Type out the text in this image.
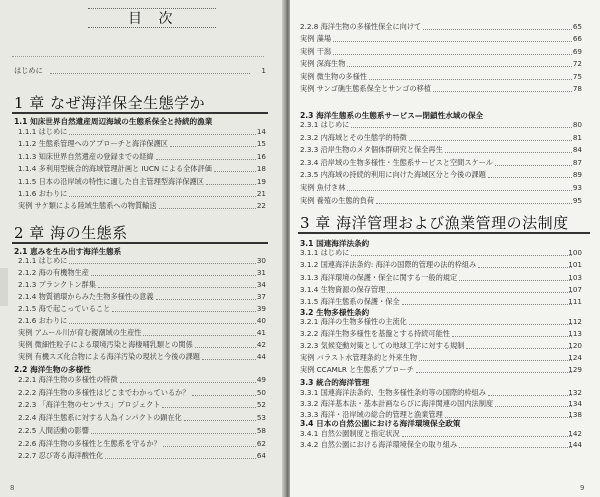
目 次
はじめに	1
1 章 なぜ海洋保全生態学か
1.1 知床世界自然遺産周辺海域の生態系保全と持続的漁業
2 章 海の生態系
2.1 恵みを生み出す海洋生態系
2.2 海洋生物の多様性
8
1.1.1 はじめに	14
1.1.2 生態系管理へのアプローチと海洋保護区	15
1.1.3 知床世界自然遺産の登録までの経緯	16
1.1.4 多利用型統合的海域管理計画と IUCN による全体評価	18
1.1.5 日本の沿岸域の特性に適した自主管理型海洋保護区	19
1.1.6 おわりに	21
実例 サケ類による陸域生態系への物質輸送	22
2.1.1 はじめに	30
2.1.2 海の有機物生産	31
2.1.3 プランクトン群集	34
2.1.4 物質循環からみた生物多様性の意義	37
2.1.5 海で起こっていること	39
2.1.6 おわりに	40
実例 アムール川が育む親潮域の生産性	41
実例 微細性粒子による環境汚染と海棲哺乳類との関係	42
実例 有機スズ化合物による海洋汚染の現状と今後の課題	44
2.2.1 海洋生物の多様性の特徴	49
2.2.2 海洋生物の多様性はどこまでわかっているか？	50
2.2.3 「海洋生物のセンサス」プロジェクト	52
2.2.4 海洋生態系に対する人為インパクトの顕在化	53
2.2.5 人間活動の影響	58
2.2.6 海洋生物の多様性と生態系を守るか？	62
2.2.7 忍び寄る海洋酸性化	64
2.3 海洋生態系の生態系サービス—閉鎖性水域の保全
3 章 海洋管理および漁業管理の法制度
3.1 国連海洋法条約
3.2 生物多様性条約
3.3 統合的海洋管理
3.4 日本の自然公園における海洋環境保全政策
9
2.2.8 海洋生物の多様性保全に向けて	65
実例 藻場	66
実例 干潟	69
実例 深海生物	72
実例 微生物の多様性	75
実例 サンゴ礁生態系保全とサンゴの移植	78
2.3.1 はじめに	80
2.3.2 内海域とその生態学的特徴	81
2.3.3 沿岸生物のメタ個体群研究と保全再生	84
2.3.4 沿岸域の生物多様性・生態系サービスと空間スケール	87
2.3.5 内海域の持続的利用に向けた海域区分と今後の課題	89
実例 魚付き林	93
実例 養殖の生態的負荷	95
3.1.1 はじめに	100
3.1.2 国連海洋法条約: 海洋の国際的管理の法的枠組み	101
3.1.3 海洋環境の保護・保全に関する一般的規定	103
3.1.4 生物資源の保存管理	107
3.1.5 海洋生態系の保護・保全	111
3.2.1 海洋の生物多様性の主流化	112
3.2.2 海洋生物多様性を基盤とする持続可能性	113
3.2.3 気候変動対策としての地球工学に対する規制	120
実例 バラスト水管理条約と外来生物	124
実例 CCAMLR と生態系アプローチ	129
3.3.1 国連海洋法条約、生物多様性条約等の国際的枠組み	132
3.3.2 海洋基本法・基本計画ならびに海洋関連の国内法制度	134
3.3.3 海洋・沿岸域の総合的管理と漁業管理	138
3.4.1 自然公園制度と指定状況	142
3.4.2 自然公園における海洋環境保全の取り組み	144
